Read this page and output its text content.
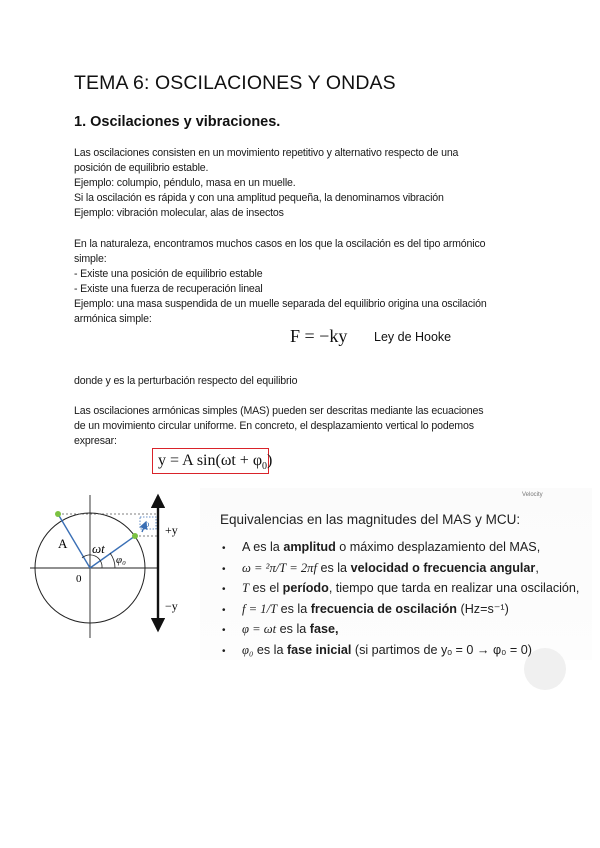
TEMA 6: OSCILACIONES Y ONDAS
1. Oscilaciones y vibraciones.
Las oscilaciones consisten en un movimiento repetitivo y alternativo respecto de una
posición de equilibrio estable.
Ejemplo: columpio, péndulo, masa en un muelle.
Si la oscilación es rápida y con una amplitud pequeña, la denominamos vibración
Ejemplo: vibración molecular, alas de insectos
En la naturaleza, encontramos muchos casos en los que la oscilación es del tipo armónico
simple:
- Existe una posición de equilibrio estable
- Existe una fuerza de recuperación lineal
Ejemplo: una masa suspendida de un muelle separada del equilibrio origina una oscilación
armónica simple:
F = −ky Ley de Hooke
donde y es la perturbación respecto del equilibrio
Las oscilaciones armónicas simples (MAS) pueden ser descritas mediante las ecuaciones
de un movimiento circular uniforme. En concreto, el desplazamiento vertical lo podemos
expresar:
y = A $\sin(\omega t + \varphi_0)$
Velocity
A ωt
φ₀
0
+y
−y
ω	Equivalencias en las magnitudes del MAS y MCU:
• A es la amplitud o máximo desplazamiento del MAS,
• ω = ²π/T = 2πf es la velocidad o frecuencia angular,
• T es el período, tiempo que tarda en realizar una oscilación,
• f = 1/T es la frecuencia de oscilación (Hz=s⁻¹)
• φ = ωt es la fase,
• φ₀ es la fase inicial (si partimos de yₒ = 0 → φ₀ = 0)
